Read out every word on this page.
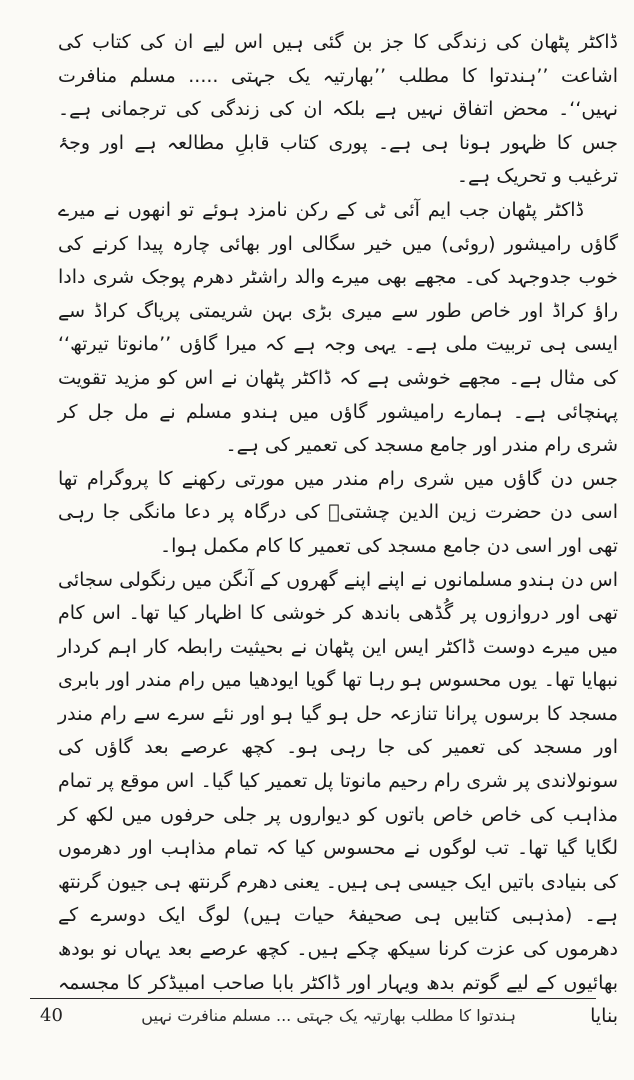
ڈاکٹر پٹھان کی زندگی کا جز بن گئی ہیں اس لیے ان کی کتاب کی اشاعت ’’ہندتوا کا مطلب ’’بھارتیہ یک جہتی ..... مسلم منافرت نہیں‘‘۔ محض اتفاق نہیں ہے بلکہ ان کی زندگی کی ترجمانی ہے۔ جس کا ظہور ہونا ہی ہے۔ پوری کتاب قابلِ مطالعہ ہے اور وجۂ ترغیب و تحریک ہے۔

ڈاکٹر پٹھان جب ایم آئی ٹی کے رکن نامزد ہوئے تو انھوں نے میرے گاؤں رامیشور (روئی) میں خیر سگالی اور بھائی چارہ پیدا کرنے کی خوب جدوجہد کی۔ مجھے بھی میرے والد راشٹر دھرم پوجک شری دادا راؤ کراڈ اور خاص طور سے میری بڑی بہن شریمتی پریاگ کراڈ سے ایسی ہی تربیت ملی ہے۔ یہی وجہ ہے کہ میرا گاؤں ’’مانوتا تیرتھ‘‘ کی مثال ہے۔ مجھے خوشی ہے کہ ڈاکٹر پٹھان نے اس کو مزید تقویت پہنچائی ہے۔ ہمارے رامیشور گاؤں میں ہندو مسلم نے مل جل کر شری رام مندر اور جامع مسجد کی تعمیر کی ہے۔

جس دن گاؤں میں شری رام مندر میں مورتی رکھنے کا پروگرام تھا اسی دن حضرت زین الدین چشتیؒ کی درگاہ پر دعا مانگی جا رہی تھی اور اسی دن جامع مسجد کی تعمیر کا کام مکمل ہوا۔

اس دن ہندو مسلمانوں نے اپنے اپنے گھروں کے آنگن میں رنگولی سجائی تھی اور دروازوں پر گُڈھی باندھ کر خوشی کا اظہار کیا تھا۔ اس کام میں میرے دوست ڈاکٹر ایس این پٹھان نے بحیثیت رابطہ کار اہم کردار نبھایا تھا۔ یوں محسوس ہو رہا تھا گویا ایودھیا میں رام مندر اور بابری مسجد کا برسوں پرانا تنازعہ حل ہو گیا ہو اور نئے سرے سے رام مندر اور مسجد کی تعمیر کی جا رہی ہو۔ کچھ عرصے بعد گاؤں کی سونولاندی پر شری رام رحیم مانوتا پل تعمیر کیا گیا۔ اس موقع پر تمام مذاہب کی خاص خاص باتوں کو دیواروں پر جلی حرفوں میں لکھ کر لگایا گیا تھا۔ تب لوگوں نے محسوس کیا کہ تمام مذاہب اور دھرموں کی بنیادی باتیں ایک جیسی ہی ہیں۔ یعنی دھرم گرنتھ ہی جیون گرنتھ ہے۔ (مذہبی کتابیں ہی صحیفۂ حیات ہیں) لوگ ایک دوسرے کے دھرموں کی عزت کرنا سیکھ چکے ہیں۔ کچھ عرصے بعد یہاں نو بودھ بھائیوں کے لیے گوتم بدھ ویہار اور ڈاکٹر بابا صاحب امبیڈکر کا مجسمہ بنایا

ہندتوا کا مطلب بھارتیہ یک جہتی ... مسلم منافرت نہیں
40
